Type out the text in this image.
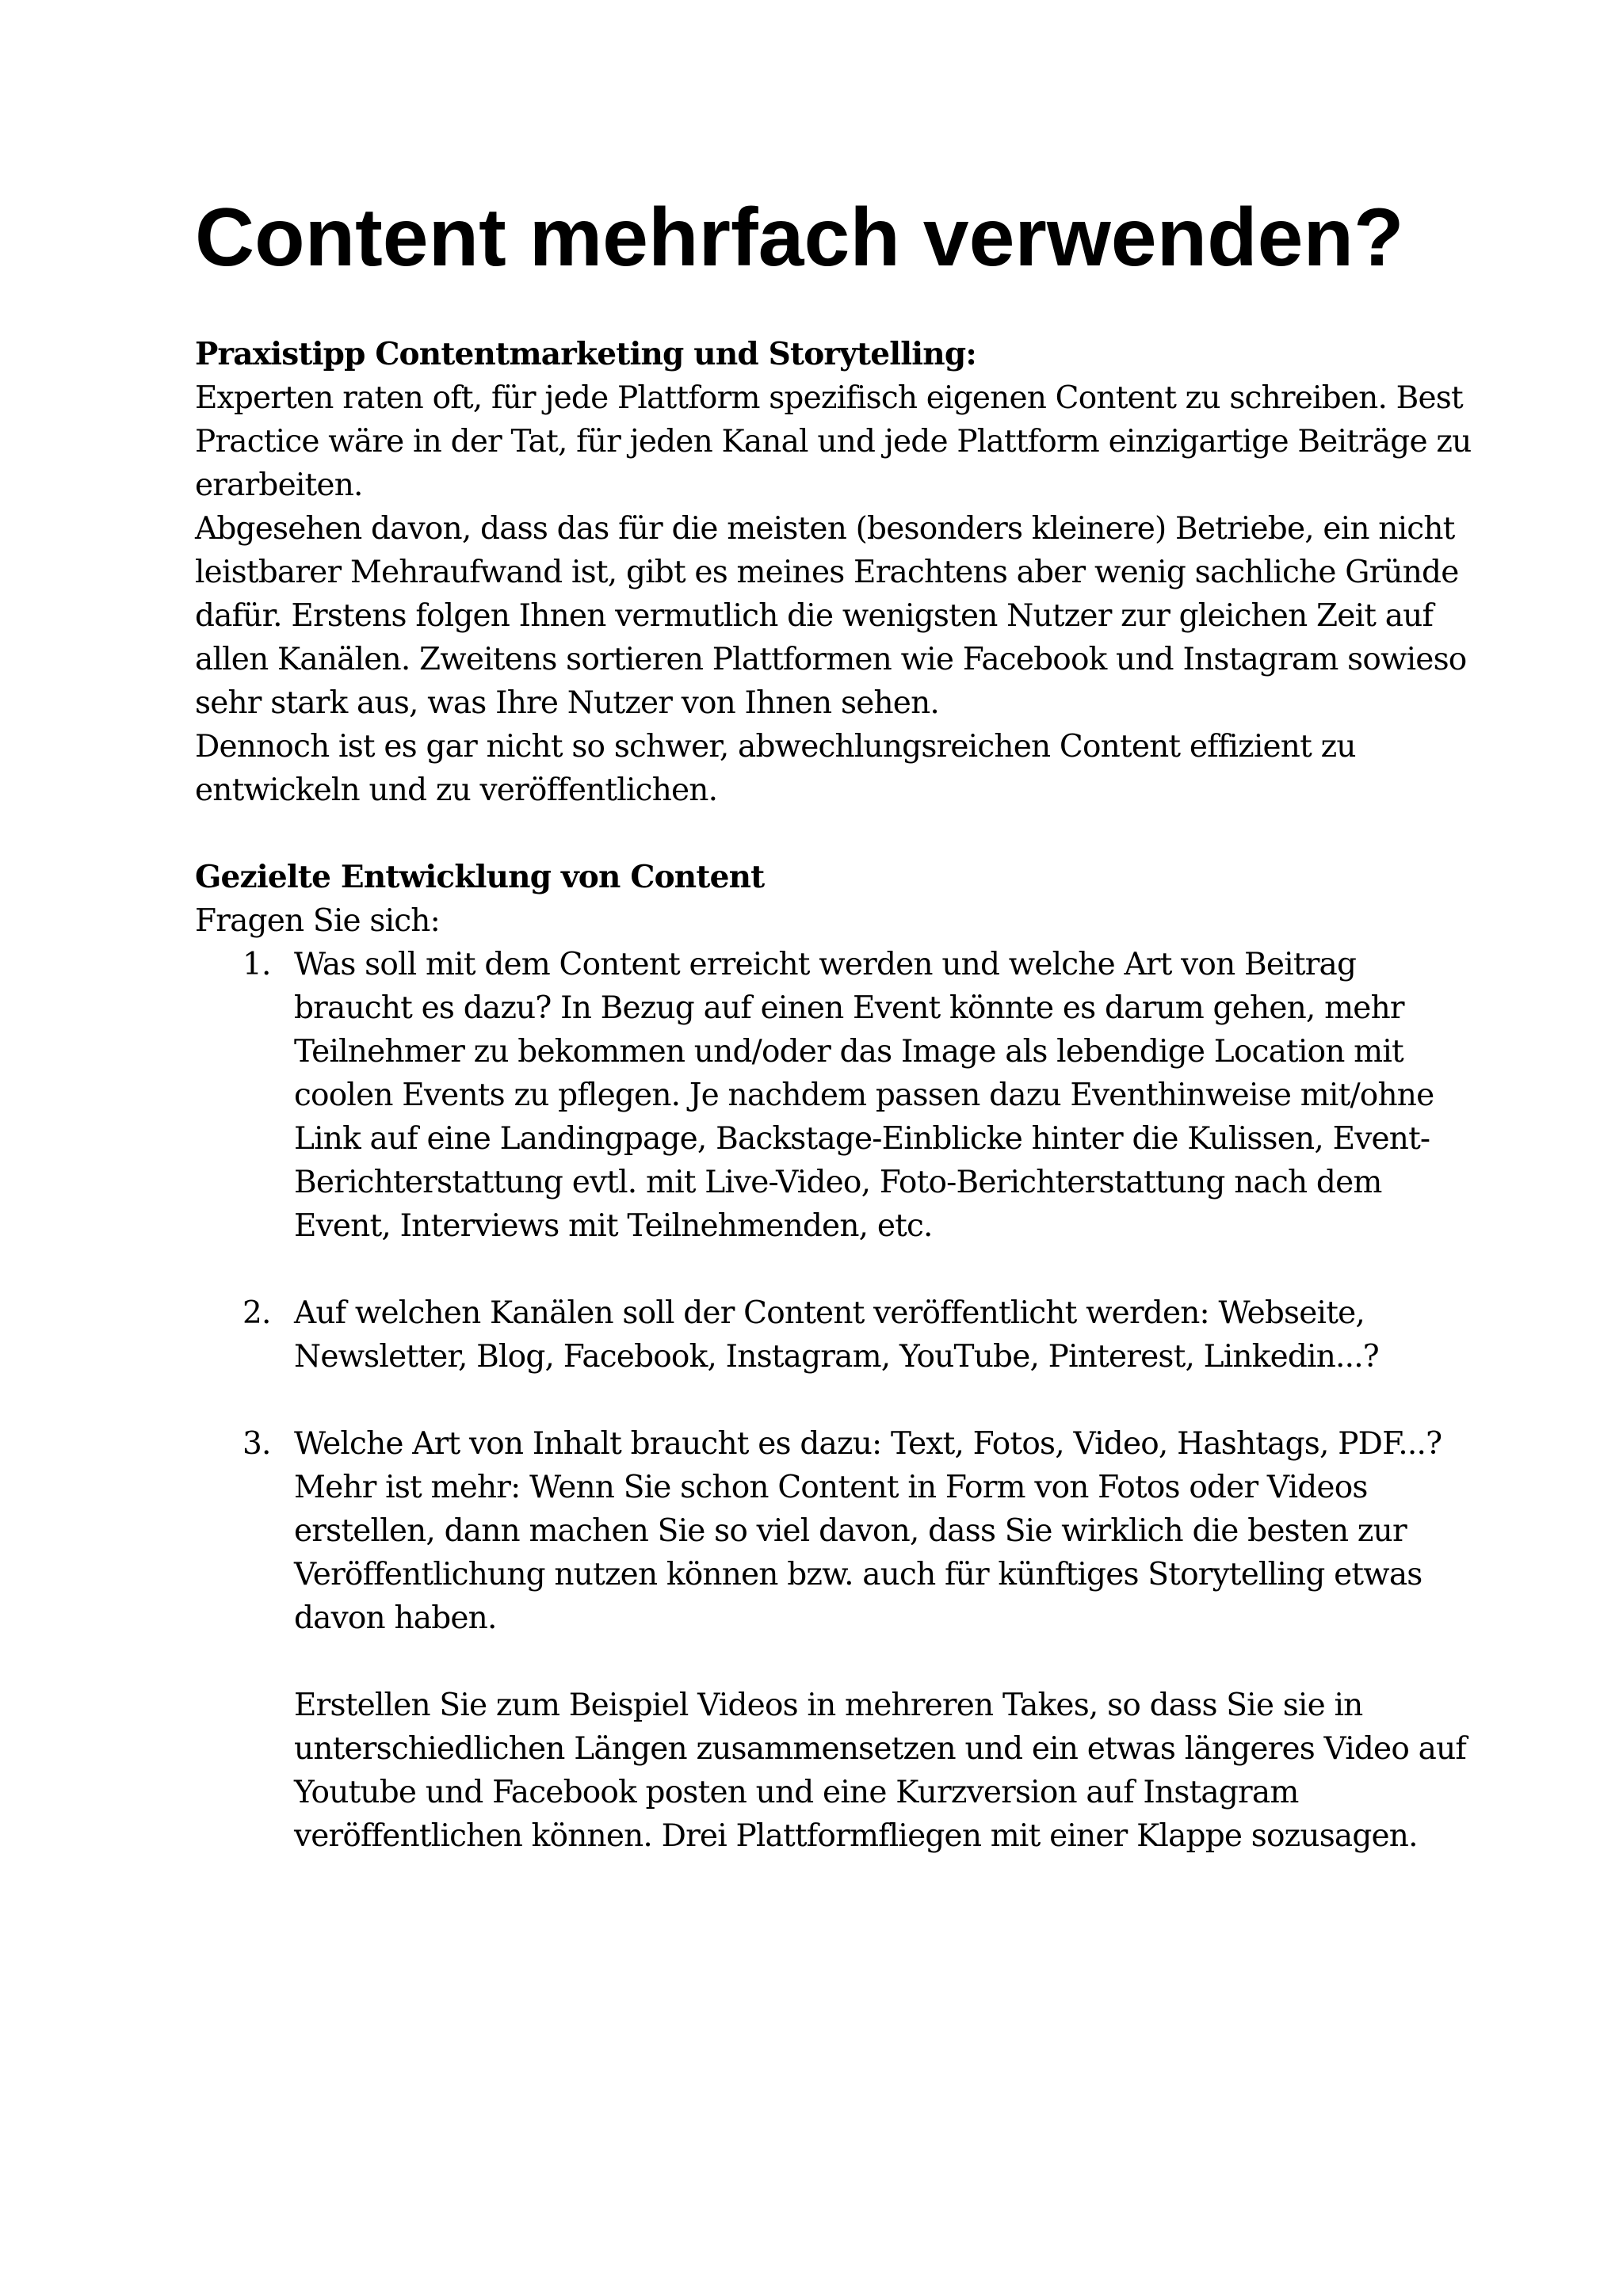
Content mehrfach verwenden?
Praxistipp Contentmarketing und Storytelling:
Experten raten oft, für jede Plattform spezifisch eigenen Content zu schreiben. Best Practice wäre in der Tat, für jeden Kanal und jede Plattform einzigartige Beiträge zu erarbeiten.
Abgesehen davon, dass das für die meisten (besonders kleinere) Betriebe, ein nicht leistbarer Mehraufwand ist, gibt es meines Erachtens aber wenig sachliche Gründe dafür. Erstens folgen Ihnen vermutlich die wenigsten Nutzer zur gleichen Zeit auf allen Kanälen. Zweitens sortieren Plattformen wie Facebook und Instagram sowieso sehr stark aus, was Ihre Nutzer von Ihnen sehen.
Dennoch ist es gar nicht so schwer, abwechlungsreichen Content effizient zu entwickeln und zu veröffentlichen.
Gezielte Entwicklung von Content
Fragen Sie sich:
1. Was soll mit dem Content erreicht werden und welche Art von Beitrag braucht es dazu? In Bezug auf einen Event könnte es darum gehen, mehr Teilnehmer zu bekommen und/oder das Image als lebendige Location mit coolen Events zu pflegen. Je nachdem passen dazu Eventhinweise mit/ohne Link auf eine Landingpage, Backstage-Einblicke hinter die Kulissen, Event-Berichterstattung evtl. mit Live-Video, Foto-Berichterstattung nach dem Event, Interviews mit Teilnehmenden, etc.
2. Auf welchen Kanälen soll der Content veröffentlicht werden: Webseite, Newsletter, Blog, Facebook, Instagram, YouTube, Pinterest, Linkedin...?
3. Welche Art von Inhalt braucht es dazu: Text, Fotos, Video, Hashtags, PDF...? Mehr ist mehr: Wenn Sie schon Content in Form von Fotos oder Videos erstellen, dann machen Sie so viel davon, dass Sie wirklich die besten zur Veröffentlichung nutzen können bzw. auch für künftiges Storytelling etwas davon haben.
Erstellen Sie zum Beispiel Videos in mehreren Takes, so dass Sie sie in unterschiedlichen Längen zusammensetzen und ein etwas längeres Video auf Youtube und Facebook posten und eine Kurzversion auf Instagram veröffentlichen können. Drei Plattformfliegen mit einer Klappe sozusagen.
